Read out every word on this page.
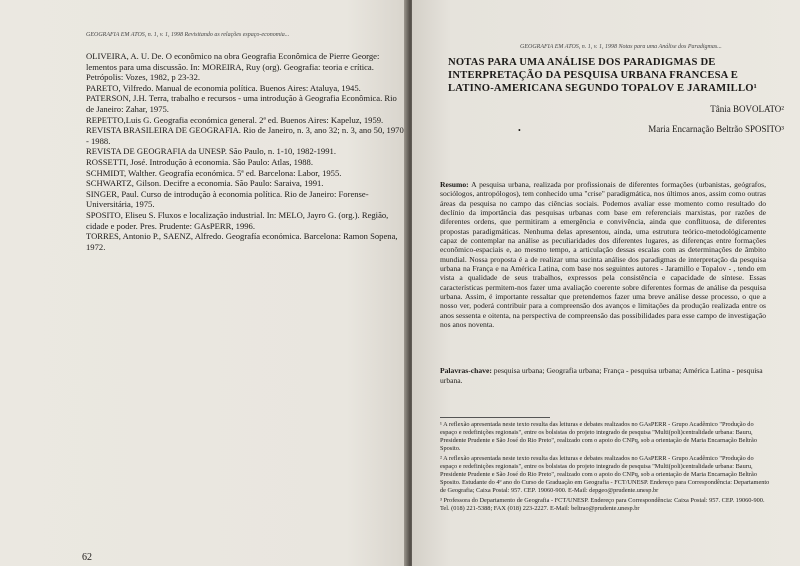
GEOGRAFIA EM ATOS, n. 1, v. 1, 1998 Revisitando as relações espaço-economia...

OLIVEIRA, A. U. De. O econômico na obra Geografia Econômica de Pierre George: lementos para uma discussão. In: MOREIRA, Ruy (org). Geografia: teoria e crítica. Petrópolis: Vozes, 1982, p 23-32.

PARETO, Vilfredo. Manual de economia política. Buenos Aires: Ataluya, 1945.

PATERSON, J.H. Terra, trabalho e recursos - uma introdução à Geografia Econômica. Rio de Janeiro: Zahar, 1975.

REPETTO,Luis G. Geografia económica general. 2ª ed. Buenos Aires: Kapeluz, 1959.

REVISTA BRASILEIRA DE GEOGRAFIA. Rio de Janeiro, n. 3, ano 32; n. 3, ano 50, 1970 - 1988.

REVISTA DE GEOGRAFIA da UNESP. São Paulo, n. 1-10, 1982-1991.

ROSSETTI, José. Introdução à economia. São Paulo: Atlas, 1988.

SCHMIDT, Walther. Geografía económica. 5ª ed. Barcelona: Labor, 1955.

SCHWARTZ, Gilson. Decifre a economia. São Paulo: Saraiva, 1991.

SINGER, Paul. Curso de introdução à economia política. Rio de Janeiro: Forense-Universitária, 1975.

SPOSITO, Eliseu S. Fluxos e localização industrial. In: MELO, Jayro G. (org.). Região, cidade e poder. Pres. Prudente: GAsPERR, 1996.

TORRES, Antonio P., SAENZ, Alfredo. Geografía económica. Barcelona: Ramon Sopena, 1972.

62
GEOGRAFIA EM ATOS, n. 1, v. 1, 1998 Notas para uma Análise dos Paradigmas...
NOTAS PARA UMA ANÁLISE DOS PARADIGMAS DE INTERPRETAÇÃO DA PESQUISA URBANA FRANCESA E LATINO-AMERICANA SEGUNDO TOPALOV E JARAMILLO¹
•
Tânia BOVOLATO²
Maria Encarnação Beltrão SPOSITO³
Resumo: A pesquisa urbana, realizada por profissionais de diferentes formações (urbanistas, geógrafos, sociólogos, antropólogos), tem conhecido uma "crise" paradigmática, nos últimos anos, assim como outras áreas da pesquisa no campo das ciências sociais. Podemos avaliar esse momento como resultado do declínio da importância das pesquisas urbanas com base em referenciais marxistas, por razões de diferentes ordens, que permitiram a emergência e convivência, ainda que conflituosa, de diferentes propostas paradigmáticas. Nenhuma delas apresentou, ainda, uma estrutura teórico-metodológicamente capaz de contemplar na análise as peculiaridades dos diferentes lugares, as diferenças entre formações econômico-espaciais e, ao mesmo tempo, a articulação dessas escalas com as determinações de âmbito mundial. Nossa proposta é a de realizar uma sucinta análise dos paradigmas de interpretação da pesquisa urbana na França e na América Latina, com base nos seguintes autores - Jaramillo e Topalov - , tendo em vista a qualidade de seus trabalhos, expressos pela consistência e capacidade de síntese. Essas características permitem-nos fazer uma avaliação coerente sobre diferentes formas de análise da pesquisa urbana. Assim, é importante ressaltar que pretendemos fazer uma breve análise desse processo, o que a nosso ver, poderá contribuir para a compreensão dos avanços e limitações da produção realizada entre os anos sessenta e oitenta, na perspectiva de compreensão das possibilidades para esse campo de investigação nos anos noventa.
Palavras-chave: pesquisa urbana; Geografia urbana; França - pesquisa urbana; América Latina - pesquisa urbana.

¹ A reflexão apresentada neste texto resulta das leituras e debates realizados no GAsPERR - Grupo Acadêmico "Produção do espaço e redefinições regionais", entre os bolsistas do projeto integrado de pesquisa "Multi(poli)centralidade urbana: Bauru, Presidente Prudente e São José do Rio Preto", realizado com o apoio do CNPq, sob a orientação de Maria Encarnação Beltrão Sposito.

² A reflexão apresentada neste texto resulta das leituras e debates realizados no GAsPERR - Grupo Acadêmico "Produção do espaço e redefinições regionais", entre os bolsistas do projeto integrado de pesquisa "Multi(poli)centralidade urbana: Bauru, Presidente Prudente e São José do Rio Preto", realizado com o apoio do CNPq, sob a orientação de Maria Encarnação Beltrão Sposito. Estudante do 4º ano do Curso de Graduação em Geografia - FCT/UNESP. Endereço para Correspondência: Departamento de Geografia; Caixa Postal: 957. CEP. 19060-900. E-Mail: depgeo@prudente.unesp.br

³ Professora do Departamento de Geografia - FCT/UNESP. Endereço para Correspondência: Caixa Postal: 957. CEP. 19060-900. Tel. (018) 221-5388; FAX (018) 223-2227. E-Mail: beltrao@prudente.unesp.br
